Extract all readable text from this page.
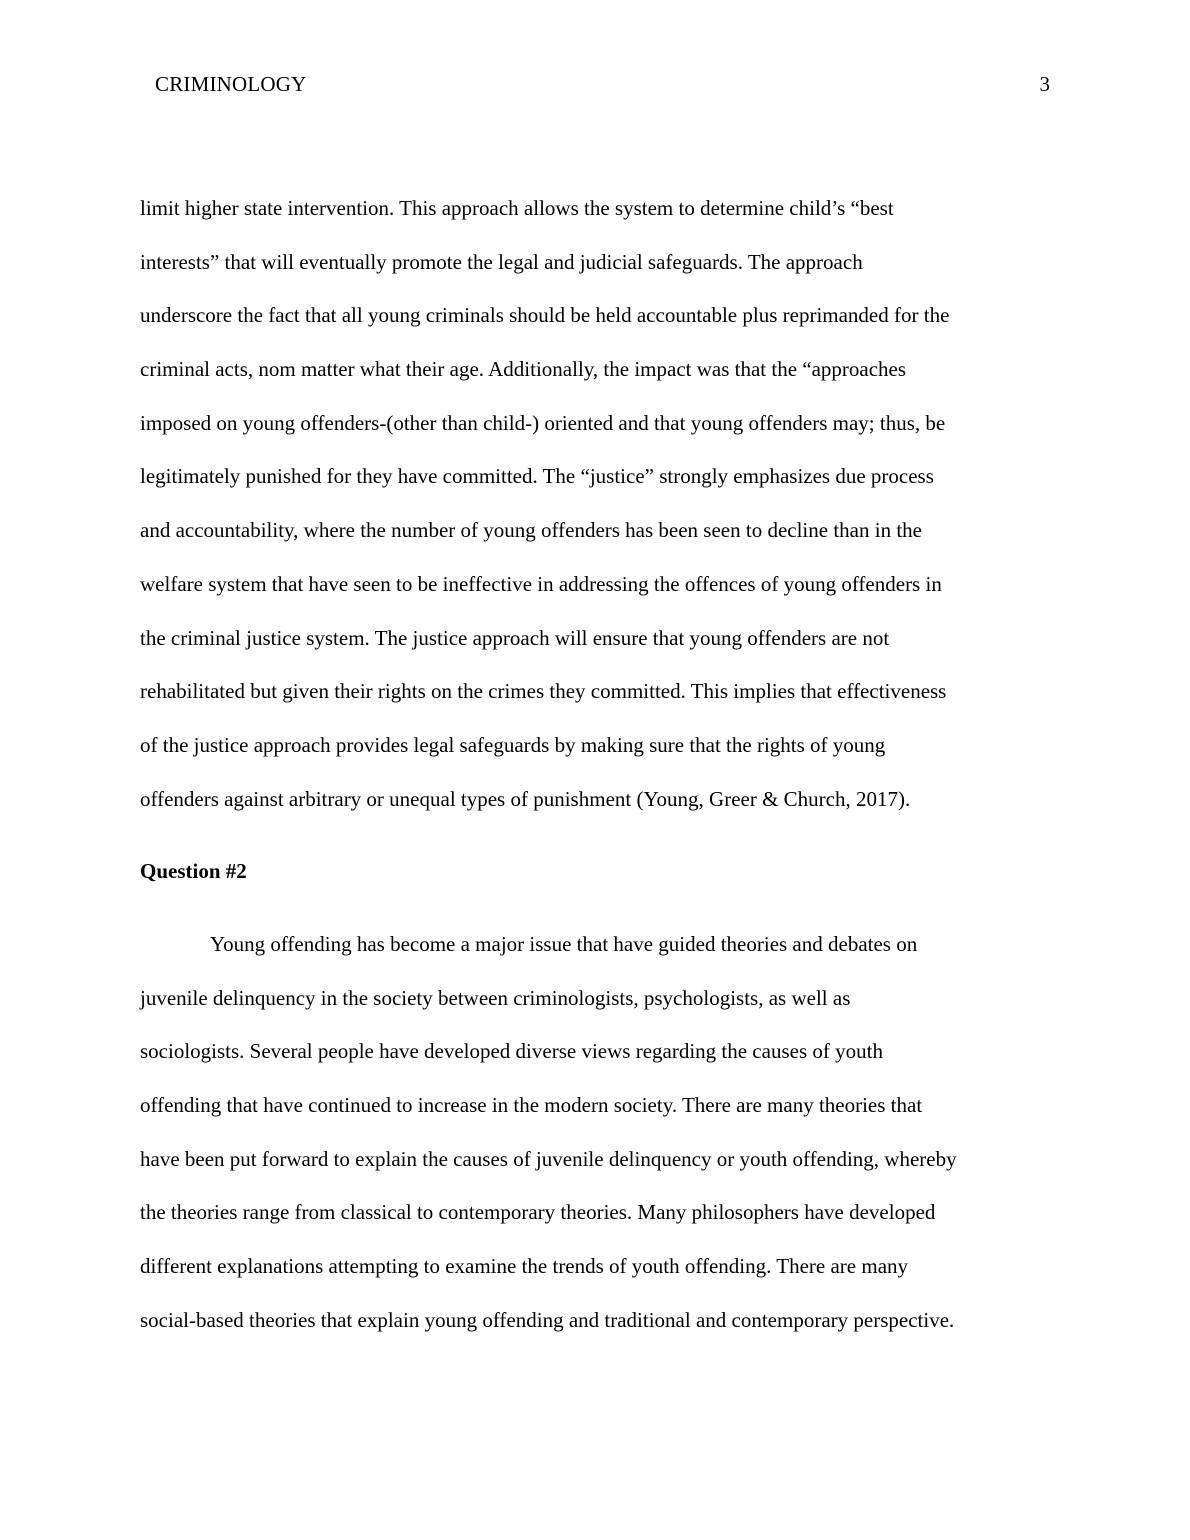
CRIMINOLOGY	3
limit higher state intervention. This approach allows the system to determine child’s “best
interests” that will eventually promote the legal and judicial safeguards. The approach
underscore the fact that all young criminals should be held accountable plus reprimanded for the
criminal acts, nom matter what their age. Additionally, the impact was that the “approaches
imposed on young offenders-(other than child-) oriented and that young offenders may; thus, be
legitimately punished for they have committed. The “justice” strongly emphasizes due process
and accountability, where the number of young offenders has been seen to decline than in the
welfare system that have seen to be ineffective in addressing the offences of young offenders in
the criminal justice system. The justice approach will ensure that young offenders are not
rehabilitated but given their rights on the crimes they committed. This implies that effectiveness
of the justice approach provides legal safeguards by making sure that the rights of young
offenders against arbitrary or unequal types of punishment (Young, Greer & Church, 2017).
Question #2
Young offending has become a major issue that have guided theories and debates on
juvenile delinquency in the society between criminologists, psychologists, as well as
sociologists. Several people have developed diverse views regarding the causes of youth
offending that have continued to increase in the modern society. There are many theories that
have been put forward to explain the causes of juvenile delinquency or youth offending, whereby
the theories range from classical to contemporary theories. Many philosophers have developed
different explanations attempting to examine the trends of youth offending. There are many
social-based theories that explain young offending and traditional and contemporary perspective.
